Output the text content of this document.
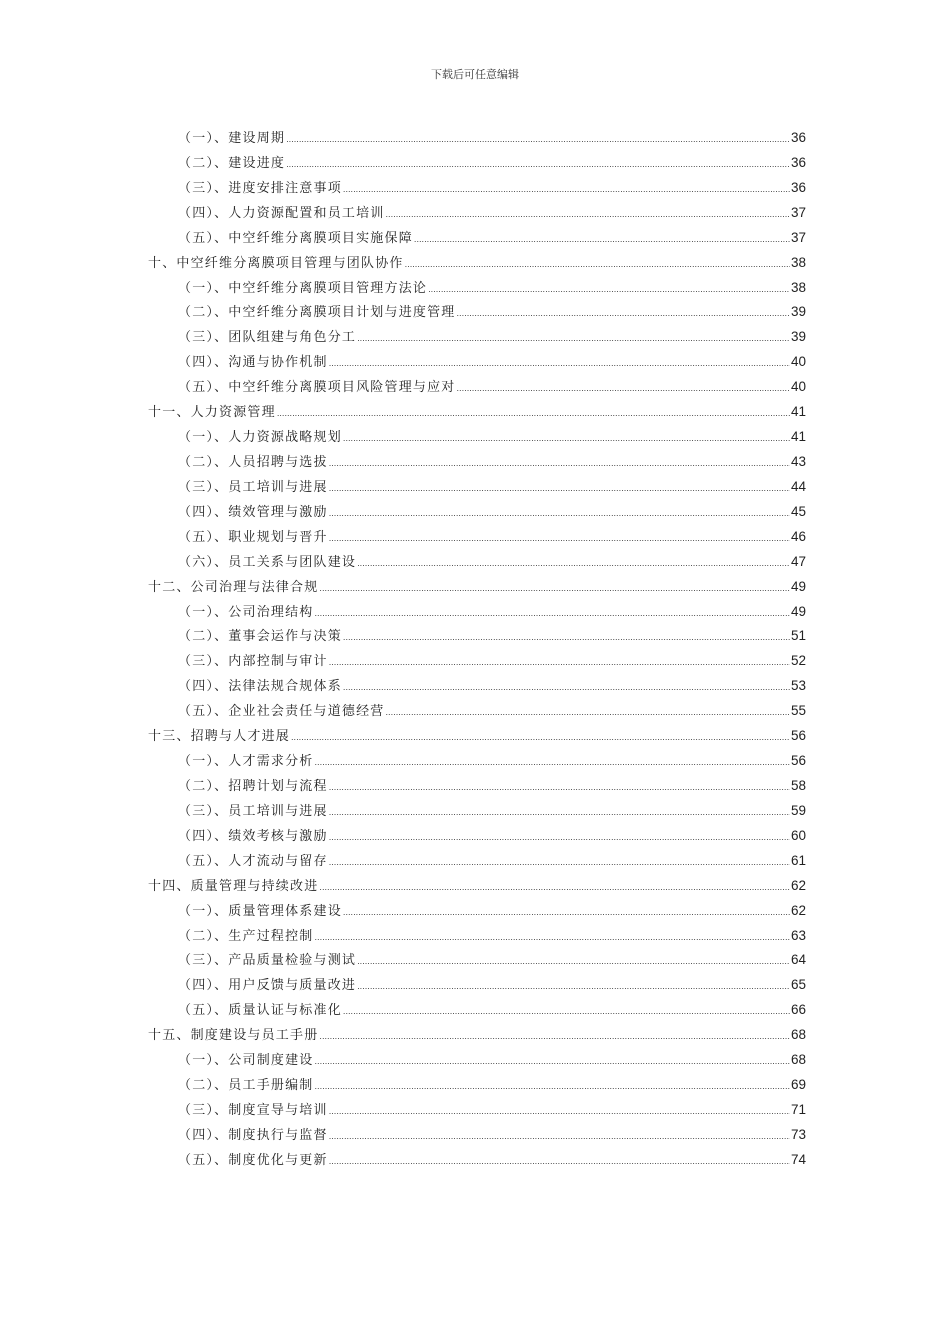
下载后可任意编辑
（一）、建设周期 .....	36
（二）、建设进度 .....	36
（三）、进度安排注意事项 .....	36
（四）、人力资源配置和员工培训 .....	37
（五）、中空纤维分离膜项目实施保障 .....	37
十、中空纤维分离膜项目管理与团队协作 .....	38
（一）、中空纤维分离膜项目管理方法论 .....	38
（二）、中空纤维分离膜项目计划与进度管理 .....	39
（三）、团队组建与角色分工 .....	39
（四）、沟通与协作机制 .....	40
（五）、中空纤维分离膜项目风险管理与应对 .....	40
十一、人力资源管理 .....	41
（一）、人力资源战略规划 .....	41
（二）、人员招聘与选拔 .....	43
（三）、员工培训与进展 .....	44
（四）、绩效管理与激励 .....	45
（五）、职业规划与晋升 .....	46
（六）、员工关系与团队建设 .....	47
十二、公司治理与法律合规 .....	49
（一）、公司治理结构 .....	49
（二）、董事会运作与决策 .....	51
（三）、内部控制与审计 .....	52
（四）、法律法规合规体系 .....	53
（五）、企业社会责任与道德经营 .....	55
十三、招聘与人才进展 .....	56
（一）、人才需求分析 .....	56
（二）、招聘计划与流程 .....	58
（三）、员工培训与进展 .....	59
（四）、绩效考核与激励 .....	60
（五）、人才流动与留存 .....	61
十四、质量管理与持续改进 .....	62
（一）、质量管理体系建设 .....	62
（二）、生产过程控制 .....	63
（三）、产品质量检验与测试 .....	64
（四）、用户反馈与质量改进 .....	65
（五）、质量认证与标准化 .....	66
十五、制度建设与员工手册 .....	68
（一）、公司制度建设 .....	68
（二）、员工手册编制 .....	69
（三）、制度宣导与培训 .....	71
（四）、制度执行与监督 .....	73
（五）、制度优化与更新 .....	74
